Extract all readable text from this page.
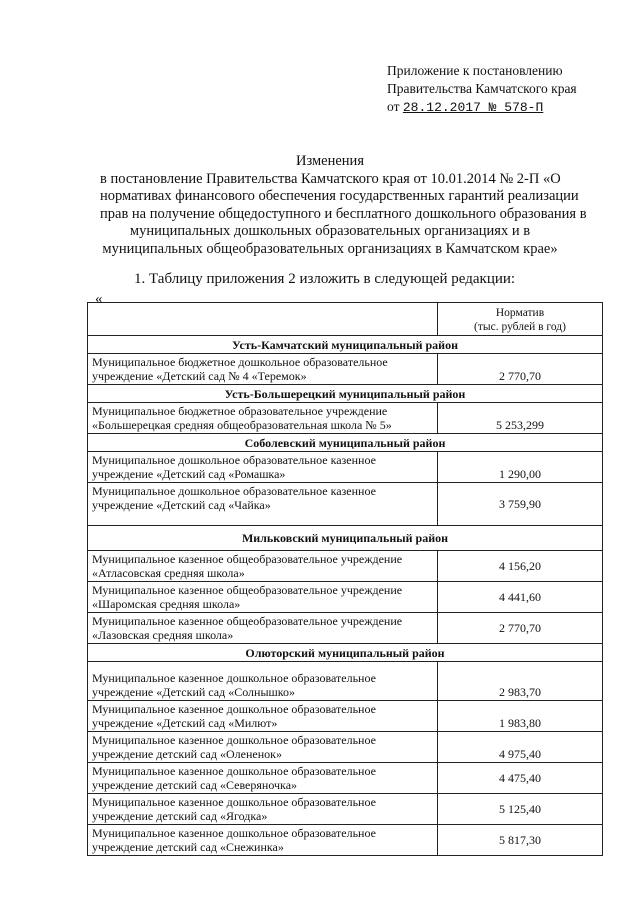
Приложение к постановлению
Правительства Камчатского края
от 28.12.2017 № 578-П
Изменения
в постановление Правительства Камчатского края от 10.01.2014 № 2-П «О
нормативах финансового обеспечения государственных гарантий реализации
прав на получение общедоступного и бесплатного дошкольного образования в
муниципальных дошкольных образовательных организациях и в
муниципальных общеобразовательных организациях в Камчатском крае»
1. Таблицу приложения 2 изложить в следующей редакции:
«

	Норматив
(тыс. рублей в год)

Усть-Камчатский муниципальный район	

Муниципальное бюджетное дошкольное образовательное
учреждение «Детский сад № 4 «Теремок»	2 770,70
Усть-Большерецкий муниципальный район	

Муниципальное бюджетное образовательное учреждение
«Большерецкая средняя общеобразовательная школа № 5»	5 253,299
Соболевский муниципальный район	

Муниципальное дошкольное образовательное казенное
учреждение «Детский сад «Ромашка»	1 290,00

Муниципальное дошкольное образовательное казенное
учреждение «Детский сад «Чайка»	3 759,90
Мильковский муниципальный район	

Муниципальное казенное общеобразовательное учреждение
«Атласовская средняя школа»	4 156,20

Муниципальное казенное общеобразовательное учреждение
«Шаромская средняя школа»	4 441,60

Муниципальное казенное общеобразовательное учреждение
«Лазовская средняя школа»	2 770,70
Олюторский муниципальный район	

Муниципальное казенное дошкольное образовательное
учреждение «Детский сад «Солнышко»	2 983,70

Муниципальное казенное дошкольное образовательное
учреждение «Детский сад «Милют»	1 983,80

Муниципальное казенное дошкольное образовательное
учреждение детский сад «Олененок»	4 975,40

Муниципальное казенное дошкольное образовательное
учреждение детский сад «Северяночка»	4 475,40

Муниципальное казенное дошкольное образовательное
учреждение детский сад «Ягодка»	5 125,40

Муниципальное казенное дошкольное образовательное
учреждение детский сад «Снежинка»	5 817,30
